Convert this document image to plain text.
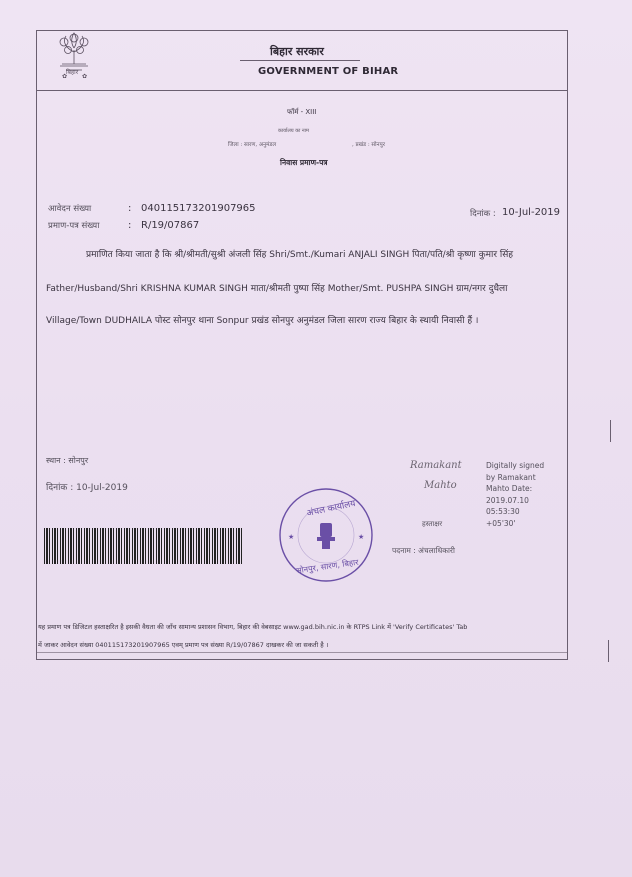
✿ ✿
बिहार
बिहार सरकार
GOVERNMENT OF BIHAR
फॉर्म - XIII
कार्यालय का नाम
जिला : सारण, अनुमंडल	, प्रखंड : सोनपुर
निवास प्रमाण-पत्र
आवेदन संख्या	: 040115173201907965
प्रमाण-पत्र संख्या	: R/19/07867
दिनांक : 10-Jul-2019
प्रमाणित किया जाता है कि श्री/श्रीमती/सुश्री अंजली सिंह Shri/Smt./Kumari ANJALI SINGH पिता/पति/श्री कृष्णा कुमार सिंह
Father/Husband/Shri KRISHNA KUMAR SINGH माता/श्रीमती पुष्पा सिंह Mother/Smt. PUSHPA SINGH ग्राम/नगर दुधैला
Village/Town DUDHAILA पोस्ट सोनपुर थाना Sonpur प्रखंड सोनपुर अनुमंडल जिला सारण राज्य बिहार के स्थायी निवासी हैं ।
स्थान : सोनपुर
दिनांक : 10-Jul-2019
Ramakant
Mahto
Digitally signed
by Ramakant
Mahto Date:
2019.07.10
05:53:30
+05'30'
हस्ताक्षर
पदनाम : अंचलाधिकारी
★	★
अंचल कार्यालय
सोनपुर, सारण, बिहार
यह प्रमाण पत्र डिजिटल हस्ताक्षरित है इसकी वैधता की जाँच सामान्य प्रशासन विभाग, बिहार की वेबसाइट www.gad.bih.nic.in के RTPS Link में 'Verify Certificates' Tab
में जाकर आवेदन संख्या 040115173201907965 एवम् प्रमाण पत्र संख्या R/19/07867 दाखकर की जा सकती है ।
